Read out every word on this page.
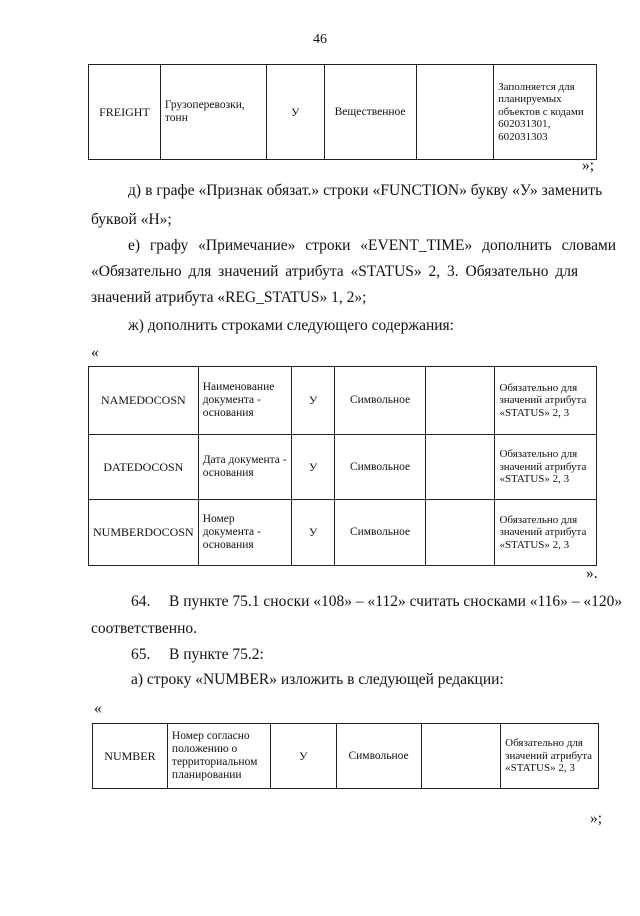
46
FREIGHT	Грузоперевозки, тонн	У	Вещественное		Заполняется для планируемых объектов с кодами 602031301, 602031303
»;
д) в графе «Признак обязат.» строки «FUNCTION» букву «У» заменить
буквой «Н»;
е) графу «Примечание» строки «EVENT_TIME» дополнить словами
«Обязательно для значений атрибута «STATUS» 2, 3. Обязательно для
значений атрибута «REG_STATUS» 1, 2»;
ж) дополнить строками следующего содержания:
«
NAMEDOCOSN	Наименование документа - основания	У	Символьное		Обязательно для значений атрибута «STATUS» 2, 3
DATEDOCOSN	Дата документа - основания	У	Символьное		Обязательно для значений атрибута «STATUS» 2, 3
NUMBERDOCOSN	Номер документа - основания	У	Символьное		Обязательно для значений атрибута «STATUS» 2, 3
».
64. В пункте 75.1 сноски «108» – «112» считать сносками «116» – «120»
соответственно.
65. В пункте 75.2:
а) строку «NUMBER» изложить в следующей редакции:
«
NUMBER	Номер согласно положению о территориальном планировании	У	Символьное		Обязательно для значений атрибута «STATUS» 2, 3
»;
